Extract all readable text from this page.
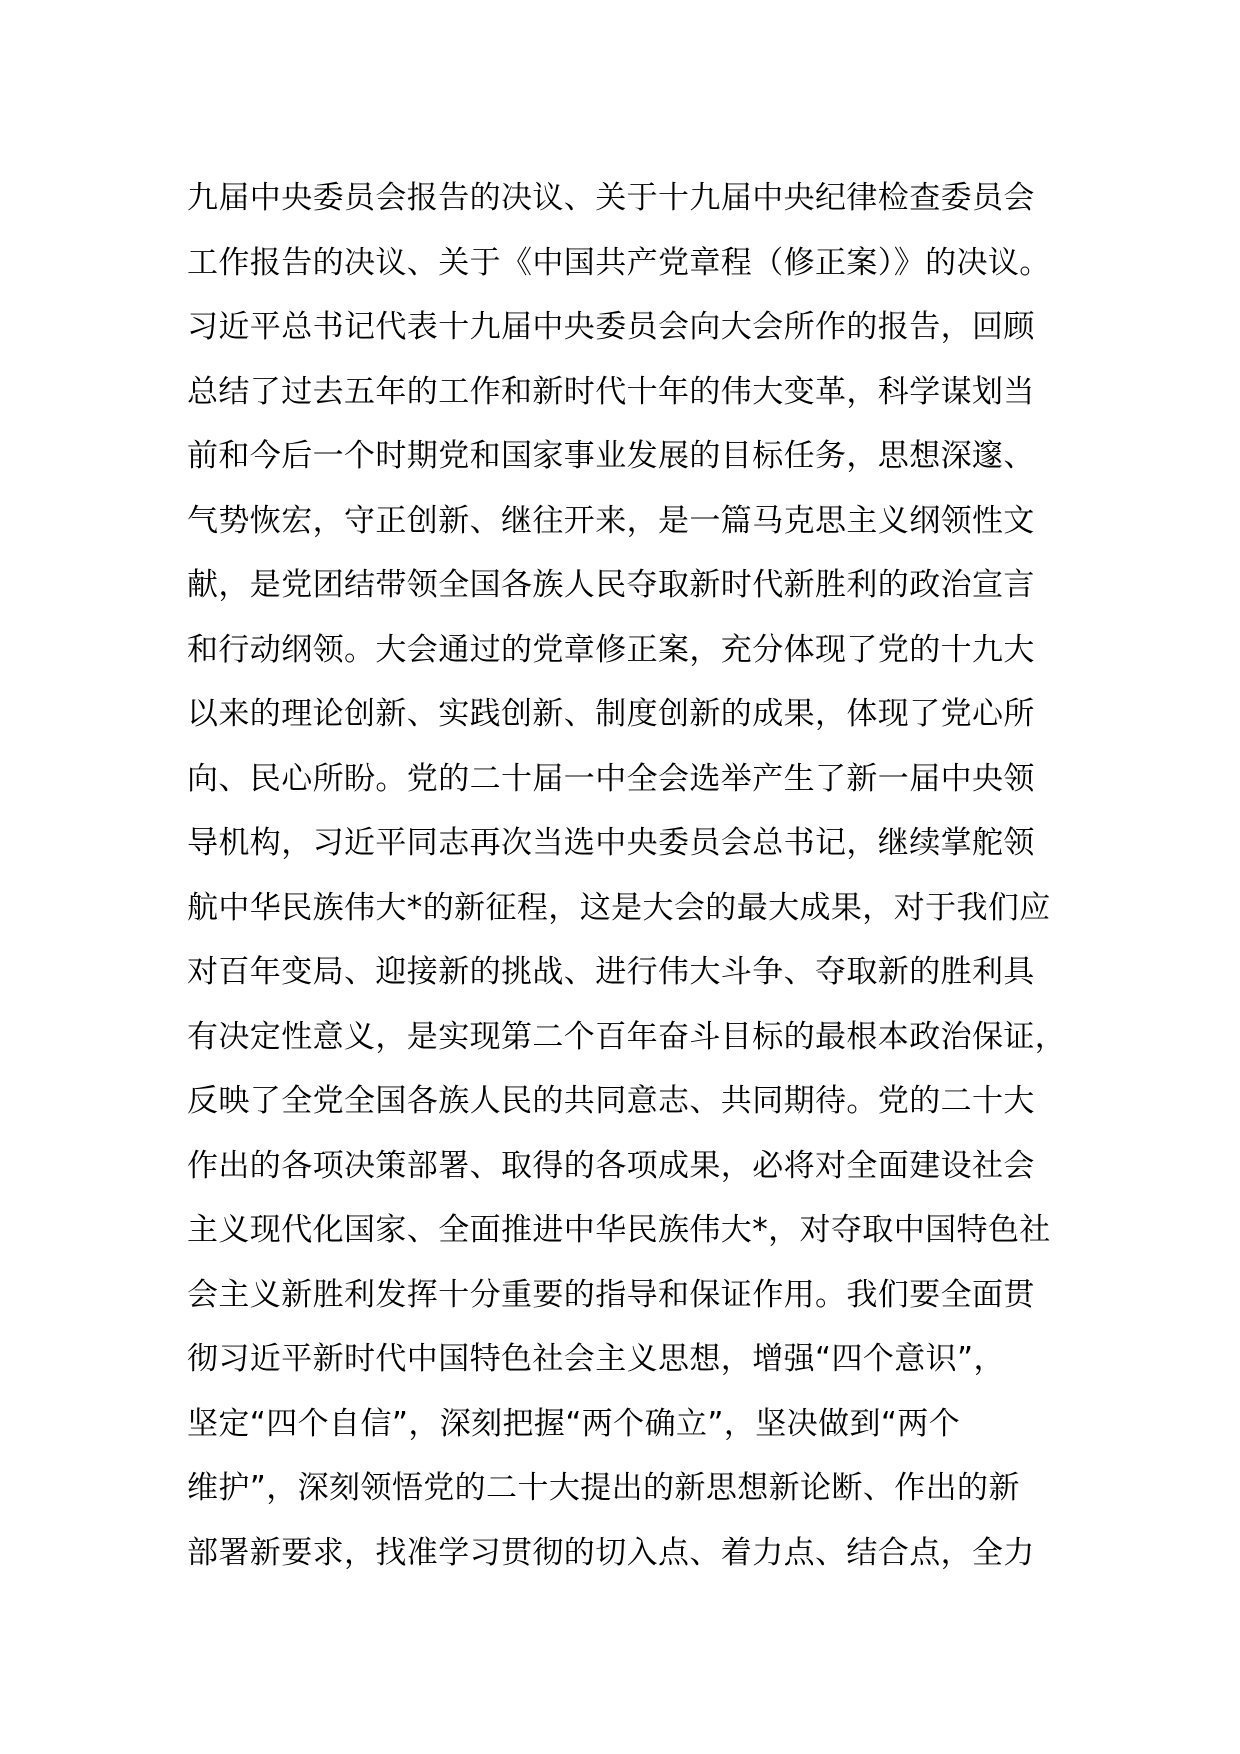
九届中央委员会报告的决议、关于十九届中央纪律检查委员会
工作报告的决议、关于《中国共产党章程（修正案）》的决议。
习近平总书记代表十九届中央委员会向大会所作的报告，回顾
总结了过去五年的工作和新时代十年的伟大变革，科学谋划当
前和今后一个时期党和国家事业发展的目标任务，思想深邃、
气势恢宏，守正创新、继往开来，是一篇马克思主义纲领性文
献，是党团结带领全国各族人民夺取新时代新胜利的政治宣言
和行动纲领。大会通过的党章修正案，充分体现了党的十九大
以来的理论创新、实践创新、制度创新的成果，体现了党心所
向、民心所盼。党的二十届一中全会选举产生了新一届中央领
导机构，习近平同志再次当选中央委员会总书记，继续掌舵领
航中华民族伟大*的新征程，这是大会的最大成果，对于我们应
对百年变局、迎接新的挑战、进行伟大斗争、夺取新的胜利具
有决定性意义，是实现第二个百年奋斗目标的最根本政治保证，
反映了全党全国各族人民的共同意志、共同期待。党的二十大
作出的各项决策部署、取得的各项成果，必将对全面建设社会
主义现代化国家、全面推进中华民族伟大*，对夺取中国特色社
会主义新胜利发挥十分重要的指导和保证作用。我们要全面贯
彻习近平新时代中国特色社会主义思想，增强“四个意识”，
坚定“四个自信”，深刻把握“两个确立”，坚决做到“两个
维护”，深刻领悟党的二十大提出的新思想新论断、作出的新
部署新要求，找准学习贯彻的切入点、着力点、结合点，全力
